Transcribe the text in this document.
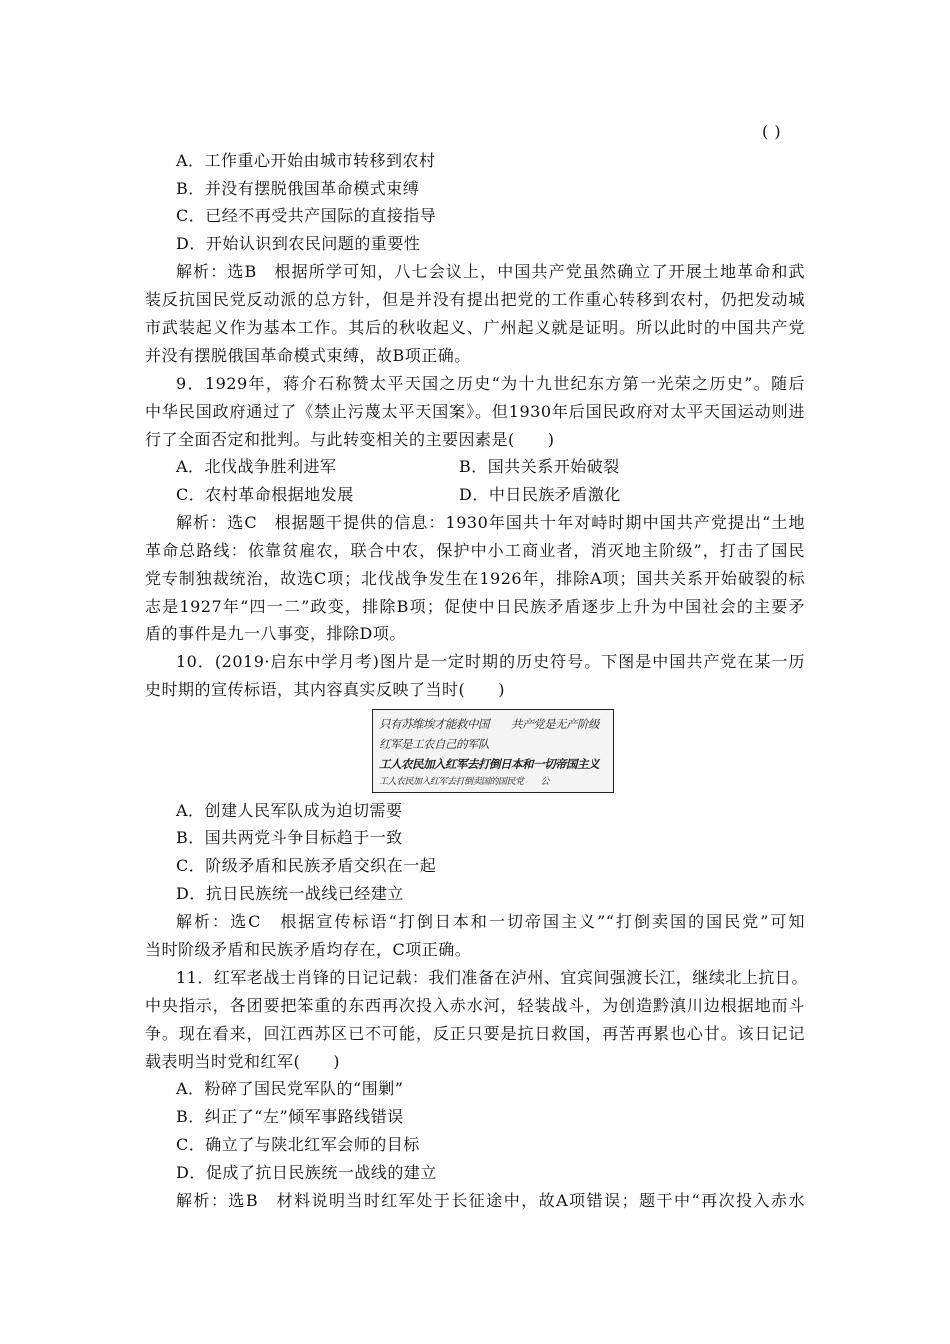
( )
A．工作重心开始由城市转移到农村
B．并没有摆脱俄国革命模式束缚
C．已经不再受共产国际的直接指导
D．开始认识到农民问题的重要性
解析：选B　根据所学可知，八七会议上，中国共产党虽然确立了开展土地革命和武
装反抗国民党反动派的总方针，但是并没有提出把党的工作重心转移到农村，仍把发动城
市武装起义作为基本工作。其后的秋收起义、广州起义就是证明。所以此时的中国共产党
并没有摆脱俄国革命模式束缚，故B项正确。
9．1929年，蒋介石称赞太平天国之历史“为十九世纪东方第一光荣之历史”。随后
中华民国政府通过了《禁止污蔑太平天国案》。但1930年后国民政府对太平天国运动则进
行了全面否定和批判。与此转变相关的主要因素是(　　)
A．北伐战争胜利进军	B．国共关系开始破裂
C．农村革命根据地发展	D．中日民族矛盾激化
解析：选C　根据题干提供的信息：1930年国共十年对峙时期中国共产党提出“土地
革命总路线：依靠贫雇农，联合中农，保护中小工商业者，消灭地主阶级”，打击了国民
党专制独裁统治，故选C项；北伐战争发生在1926年，排除A项；国共关系开始破裂的标
志是1927年“四一二”政变，排除B项；促使中日民族矛盾逐步上升为中国社会的主要矛
盾的事件是九一八事变，排除D项。
10．(2019·启东中学月考)图片是一定时期的历史符号。下图是中国共产党在某一历
史时期的宣传标语，其内容真实反映了当时(　　)
只有苏维埃才能救中国　　共产党是无产阶级
红军是工农自己的军队　　
工人农民加入红军去打倒日本和一切帝国主义
工人农民加入红军去打倒卖国的国民党　　公
A．创建人民军队成为迫切需要
B．国共两党斗争目标趋于一致
C．阶级矛盾和民族矛盾交织在一起
D．抗日民族统一战线已经建立
解析：选C　根据宣传标语“打倒日本和一切帝国主义”“打倒卖国的国民党”可知
当时阶级矛盾和民族矛盾均存在，C项正确。
11．红军老战士肖锋的日记记载：我们准备在泸州、宜宾间强渡长江，继续北上抗日。
中央指示，各团要把笨重的东西再次投入赤水河，轻装战斗，为创造黔滇川边根据地而斗
争。现在看来，回江西苏区已不可能，反正只要是抗日救国，再苦再累也心甘。该日记记
载表明当时党和红军(　　)
A．粉碎了国民党军队的“围剿”
B．纠正了“左”倾军事路线错误
C．确立了与陕北红军会师的目标
D．促成了抗日民族统一战线的建立
解析：选B　材料说明当时红军处于长征途中，故A项错误；题干中“再次投入赤水
